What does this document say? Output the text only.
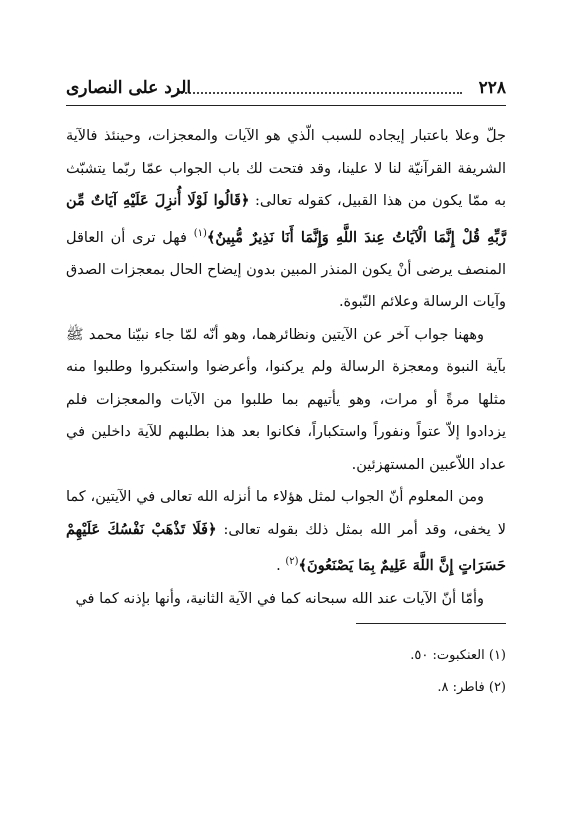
٢٢٨
الرد على النصارى

جلّ وعلا باعتبار إيجاده للسبب الّذي هو الآيات والمعجزات، وحينئذ فالآية الشريفة القرآنيّة لنا لا علينا، وقد فتحت لك باب الجواب عمّا ربّما يتشبّث به ممّا يكون من هذا القبيل، كقوله تعالى: ﴿قَالُوا لَوْلَا أُنزِلَ عَلَيْهِ آيَاتٌ مِّن رَّبِّهِ قُلْ إِنَّمَا الْآيَاتُ عِندَ اللَّهِ وَإِنَّمَا أَنَا نَذِيرٌ مُّبِينٌ﴾$^{(١)}$ فهل ترى أن العاقل المنصف يرضى أنْ يكون المنذر المبين بدون إيضاح الحال بمعجزات الصدق وآيات الرسالة وعلائم النّبوة.

وههنا جواب آخر عن الآيتين ونظائرهما، وهو أنّه لمّا جاء نبيّنا محمد ﷺ بآية النبوة ومعجزة الرسالة ولم يركنوا، وأعرضوا واستكبروا وطلبوا منه مثلها مرةً أو مرات، وهو يأتيهم بما طلبوا من الآيات والمعجزات فلم يزدادوا إلاّ عتواً ونفوراً واستكباراً، فكانوا بعد هذا بطلبهم للآية داخلين في عداد اللاّعبين المستهزئين.

ومن المعلوم أنّ الجواب لمثل هؤلاء ما أنزله الله تعالى في الآيتين، كما لا يخفى، وقد أمر الله بمثل ذلك بقوله تعالى: ﴿فَلَا تَذْهَبْ نَفْسُكَ عَلَيْهِمْ حَسَرَاتٍ إِنَّ اللَّهَ عَلِيمٌ بِمَا يَصْنَعُونَ﴾$^{(٢)}$ .

وأمّا أنّ الآيات عند الله سبحانه كما في الآية الثانية، وأنها بإذنه كما في

(١) العنكبوت: ٥٠.
(٢) فاطر: ٨.
